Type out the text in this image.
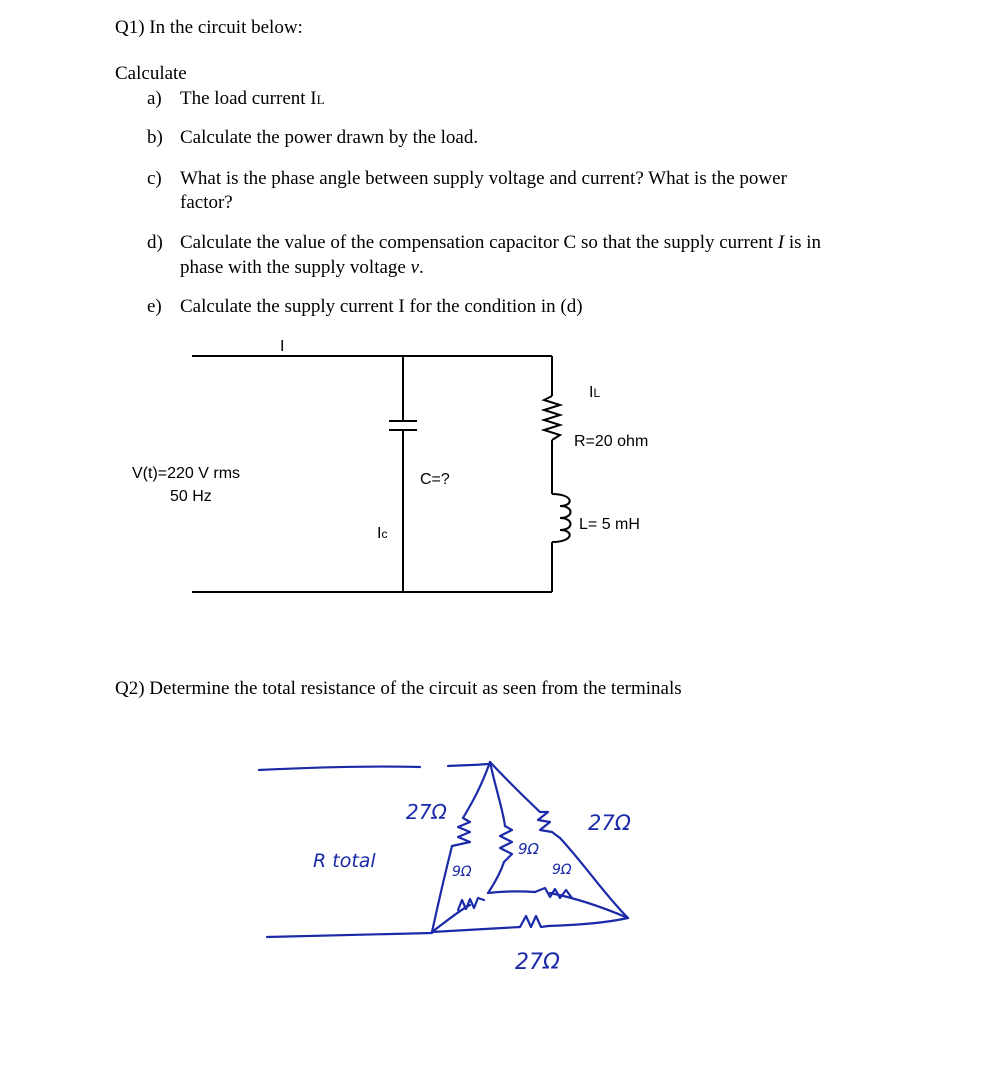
Q1) In the circuit below:
Calculate
a) The load current IL
b) Calculate the power drawn by the load.
c) What is the phase angle between supply voltage and current? What is the power
factor?
d) Calculate the value of the compensation capacitor C so that the supply current I is in
phase with the supply voltage v.
e) Calculate the supply current I for the condition in (d)
I
IL
R=20 ohm
V(t)=220 V rms
50 Hz
C=?
Ic
L= 5 mH
Q2) Determine the total resistance of the circuit as seen from the terminals
27Ω	27Ω
27Ω
R total
9Ω
9Ω	9Ω
